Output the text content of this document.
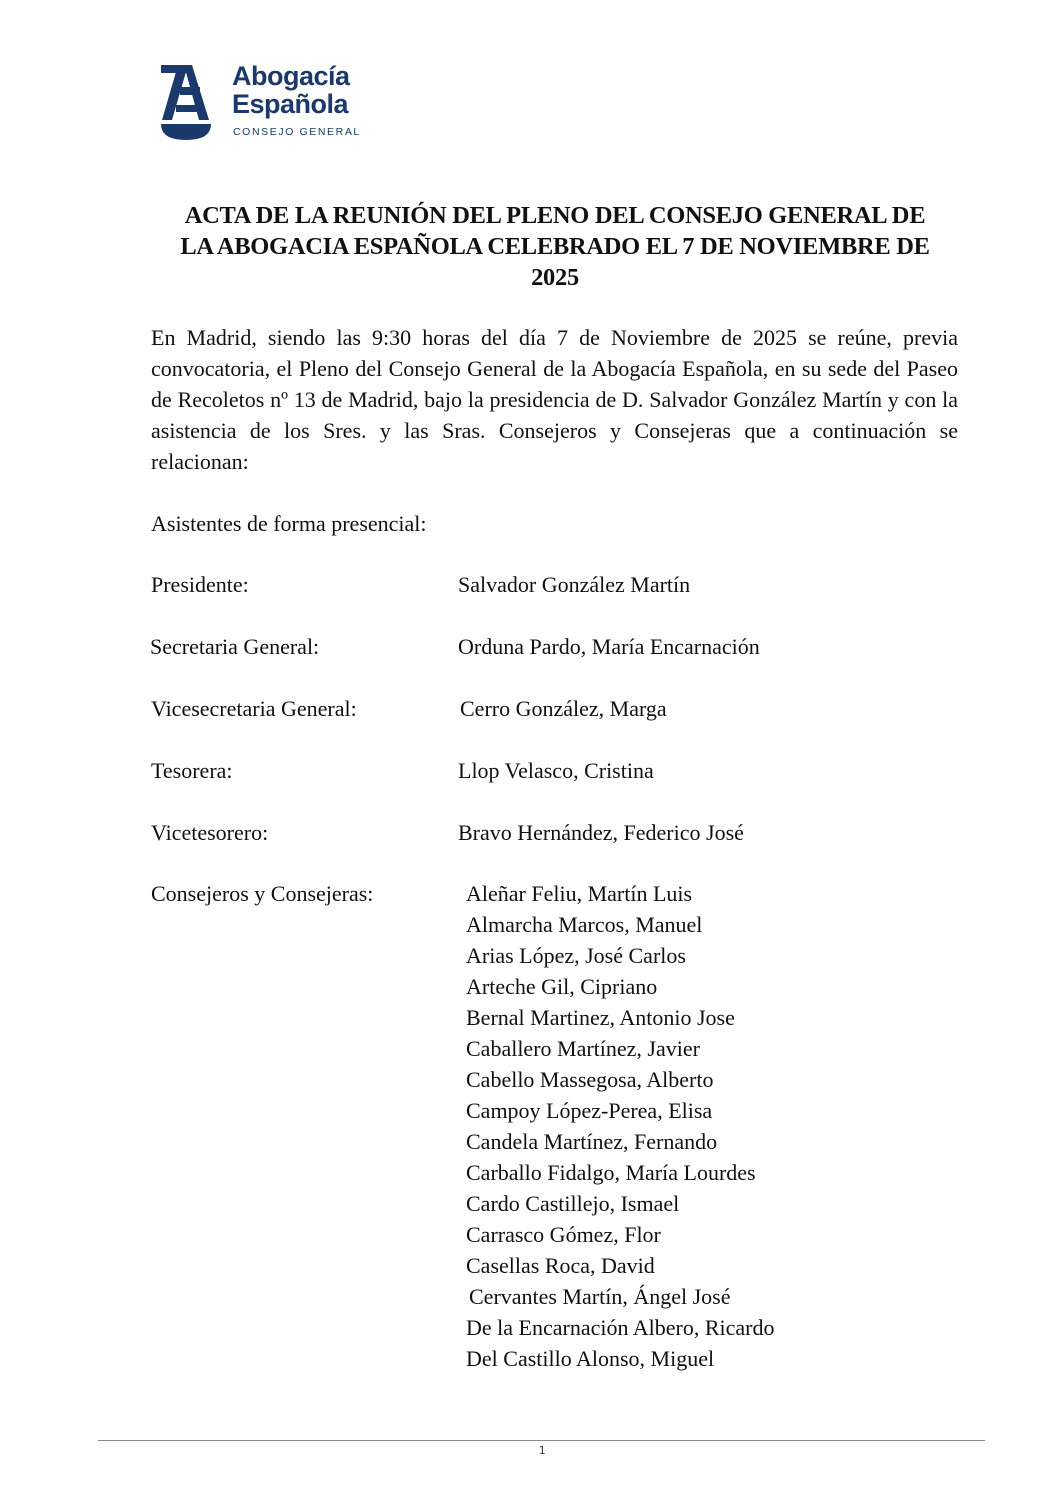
Abogacía
Española
CONSEJO GENERAL
ACTA DE LA REUNIÓN DEL PLENO DEL CONSEJO GENERAL DE
LA ABOGACIA ESPAÑOLA CELEBRADO EL 7 DE NOVIEMBRE DE
2025
En Madrid, siendo las 9:30 horas del día 7 de Noviembre de 2025 se reúne, previa convocatoria, el Pleno del Consejo General de la Abogacía Española, en su sede del Paseo de Recoletos nº 13 de Madrid, bajo la presidencia de D. Salvador González Martín y con la asistencia de los Sres. y las Sras. Consejeros y Consejeras que a continuación se relacionan:
Asistentes de forma presencial:
Presidente:	Salvador González Martín
Secretaria General:	Orduna Pardo, María Encarnación
Vicesecretaria General:	Cerro González, Marga
Tesorera:	Llop Velasco, Cristina
Vicetesorero:	Bravo Hernández, Federico José
Consejeros y Consejeras:	Aleñar Feliu, Martín Luis
Almarcha Marcos, Manuel
Arias López, José Carlos
Arteche Gil, Cipriano
Bernal Martinez, Antonio Jose
Caballero Martínez, Javier
Cabello Massegosa, Alberto
Campoy López-Perea, Elisa
Candela Martínez, Fernando
Carballo Fidalgo, María Lourdes
Cardo Castillejo, Ismael
Carrasco Gómez, Flor
Casellas Roca, David
Cervantes Martín, Ángel José
De la Encarnación Albero, Ricardo
Del Castillo Alonso, Miguel
1
